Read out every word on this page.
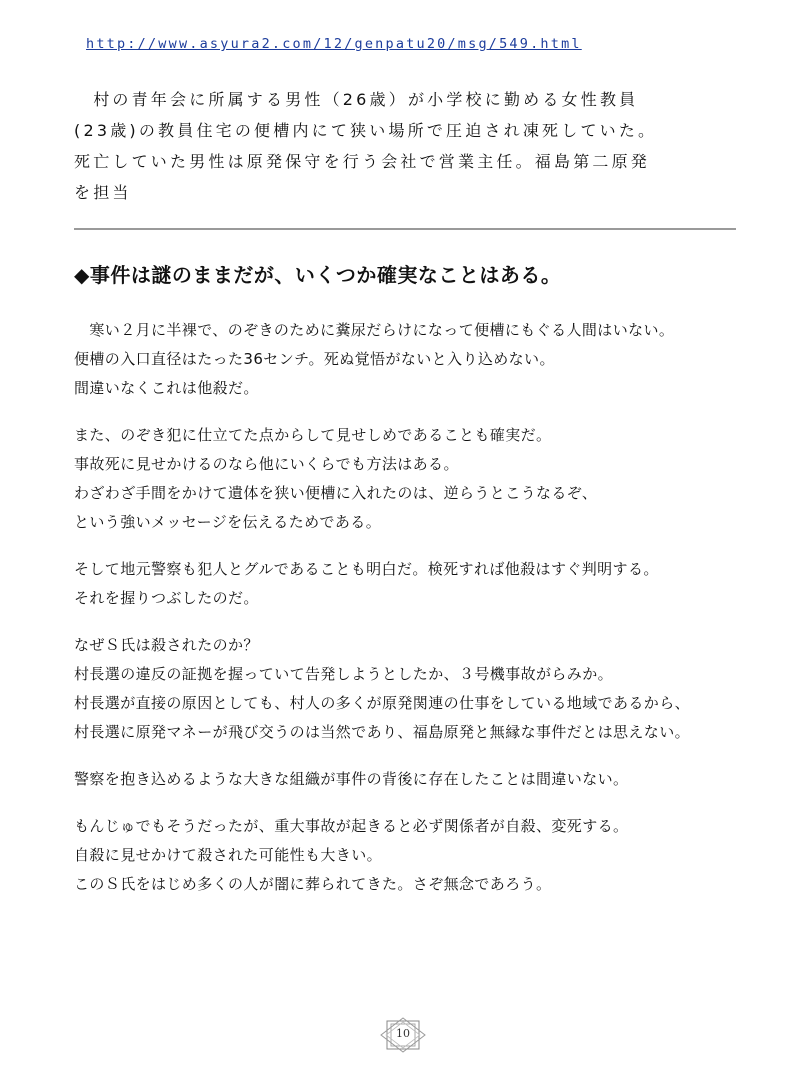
http://www.asyura2.com/12/genpatu20/msg/549.html

　村の青年会に所属する男性（26歳）が小学校に勤める女性教員

(23歳)の教員住宅の便槽内にて狭い場所で圧迫され凍死していた。

死亡していた男性は原発保守を行う会社で営業主任。福島第二原発

を担当

◆事件は謎のままだが、いくつか確実なことはある。

　寒い２月に半裸で、のぞきのために糞尿だらけになって便槽にもぐる人間はいない。

便槽の入口直径はたった36センチ。死ぬ覚悟がないと入り込めない。

間違いなくこれは他殺だ。

また、のぞき犯に仕立てた点からして見せしめであることも確実だ。

事故死に見せかけるのなら他にいくらでも方法はある。

わざわざ手間をかけて遺体を狭い便槽に入れたのは、逆らうとこうなるぞ、

という強いメッセージを伝えるためである。

そして地元警察も犯人とグルであることも明白だ。検死すれば他殺はすぐ判明する。

それを握りつぶしたのだ。

なぜＳ氏は殺されたのか？

村長選の違反の証拠を握っていて告発しようとしたか、３号機事故がらみか。

村長選が直接の原因としても、村人の多くが原発関連の仕事をしている地域であるから、

村長選に原発マネーが飛び交うのは当然であり、福島原発と無縁な事件だとは思えない。

警察を抱き込めるような大きな組織が事件の背後に存在したことは間違いない。

もんじゅでもそうだったが、重大事故が起きると必ず関係者が自殺、変死する。

自殺に見せかけて殺された可能性も大きい。

このＳ氏をはじめ多くの人が闇に葬られてきた。さぞ無念であろう。

10
